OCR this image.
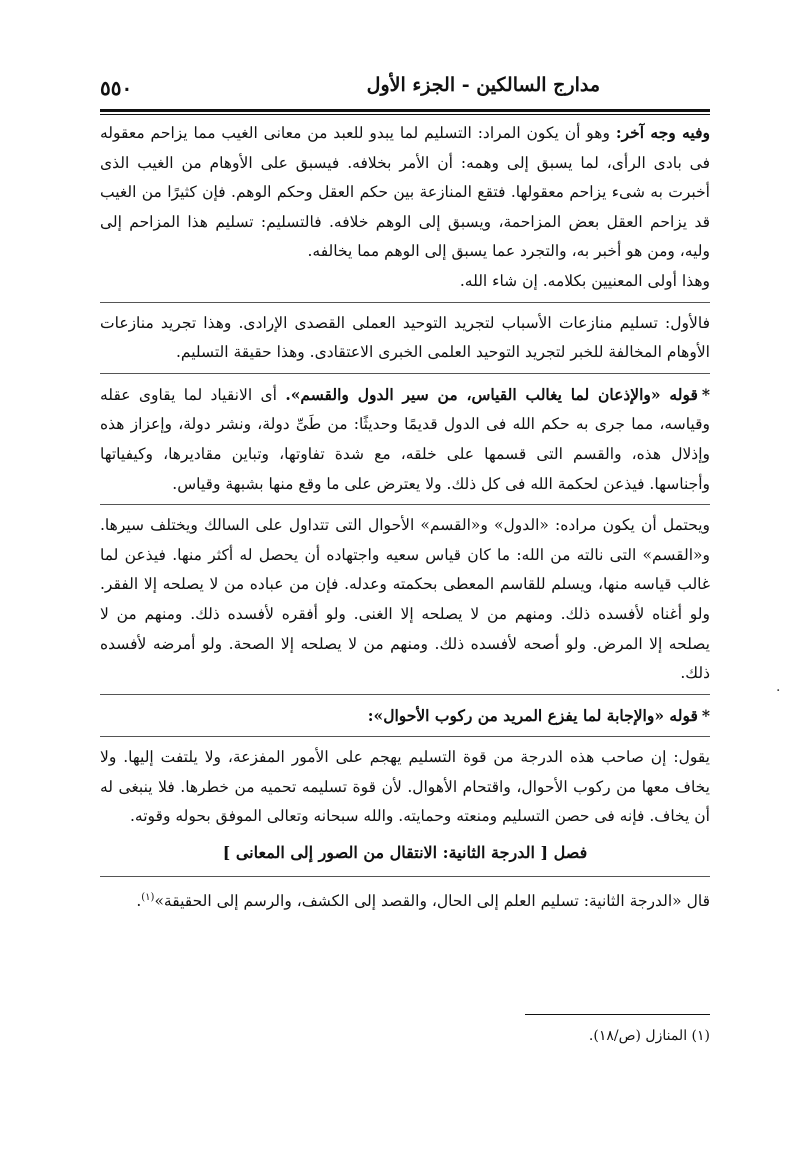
مدارج السالكين - الجزء الأول
٥٥٠

وفيه وجه آخر: وهو أن يكون المراد: التسليم لما يبدو للعبد من معانى الغيب مما يزاحم معقوله فى بادى الرأى، لما يسبق إلى وهمه: أن الأمر بخلافه. فيسبق على الأوهام من الغيب الذى أخبرت به شىء يزاحم معقولها. فتقع المنازعة بين حكم العقل وحكم الوهم. فإن كثيرًا من الغيب قد يزاحم العقل بعض المزاحمة، ويسبق إلى الوهم خلافه. فالتسليم: تسليم هذا المزاحم إلى وليه، ومن هو أخبر به، والتجرد عما يسبق إلى الوهم مما يخالفه.

وهذا أولى المعنيين بكلامه. إن شاء الله.

فالأول: تسليم منازعات الأسباب لتجريد التوحيد العملى القصدى الإرادى. وهذا تجريد منازعات الأوهام المخالفة للخبر لتجريد التوحيد العلمى الخبرى الاعتقادى. وهذا حقيقة التسليم.

*قوله «والإذعان لما يغالب القياس، من سير الدول والقسم». أى الانقياد لما يقاوى عقله وقياسه، مما جرى به حكم الله فى الدول قديمًا وحديثًا: من طَىِّ دولة، ونشر دولة، وإعزاز هذه وإذلال هذه، والقسم التى قسمها على خلقه، مع شدة تفاوتها، وتباين مقاديرها، وكيفياتها وأجناسها. فيذعن لحكمة الله فى كل ذلك. ولا يعترض على ما وقع منها بشبهة وقياس.

ويحتمل أن يكون مراده: «الدول» و«القسم» الأحوال التى تتداول على السالك ويختلف سيرها. و«القسم» التى نالته من الله: ما كان قياس سعيه واجتهاده أن يحصل له أكثر منها. فيذعن لما غالب قياسه منها، ويسلم للقاسم المعطى بحكمته وعدله. فإن من عباده من لا يصلحه إلا الفقر. ولو أغناه لأفسده ذلك. ومنهم من لا يصلحه إلا الغنى. ولو أفقره لأفسده ذلك. ومنهم من لا يصلحه إلا المرض. ولو أصحه لأفسده ذلك. ومنهم من لا يصلحه إلا الصحة. ولو أمرضه لأفسده ذلك.

*قوله «والإجابة لما يفزع المريد من ركوب الأحوال»:

يقول: إن صاحب هذه الدرجة من قوة التسليم يهجم على الأمور المفزعة، ولا يلتفت إليها. ولا يخاف معها من ركوب الأحوال، واقتحام الأهوال. لأن قوة تسليمه تحميه من خطرها. فلا ينبغى له أن يخاف. فإنه فى حصن التسليم ومنعته وحمايته. والله سبحانه وتعالى الموفق بحوله وقوته.

فصل [ الدرجة الثانية: الانتقال من الصور إلى المعانى ]

قال «الدرجة الثانية: تسليم العلم إلى الحال، والقصد إلى الكشف، والرسم إلى الحقيقة»$^{(١)}$.

(١) المنازل (ص/١٨).
·
